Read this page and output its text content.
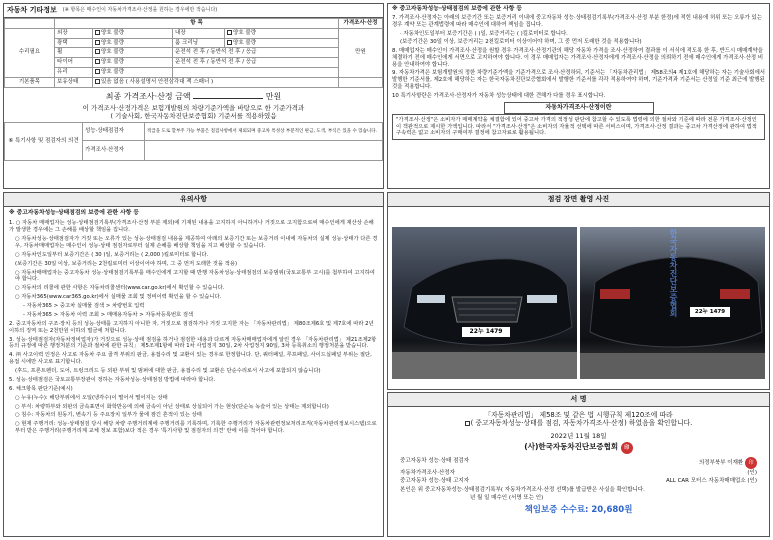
자동차 기타정보 (※ 항목은 매수인이 자동차가격조사·산정을 원하는 경우에만 적습니다)
	항 목				가격조사·산정
수리필요	외장	양호 불량	내장	양호 불량	만원
	광택	양호 불량	룸 크리닝	양호 불량	
	휠	양호 불량	운전석 전 후 / 동반석 전 후 / 응급		
	타이어	양호 불량	운전석 전 후 / 동반석 전 후 / 응급		
	유리	양호 불량			
기본품목	보유상태	있음 없음 ( 사용설명서 안전삼각대 잭 스패너 )			
최종 가격조사·산정 금액	만원
이 가격조사·산정가격은 보험개발원의 차량기준가액을 바탕으로 한 기준가격과
( 기술사회, 한국자동차진단보증협회) 기준서를 적용하였음
⑥ 특기사항 및 점검자의 의견	성능·상태점검자	적급을 도로 할부주 가능 부품은 점검사항에서 제외되며 중고차 특성상 부분적인 판금, 도색, 부식은 있을 수 있습니다.
	가격조사·산정자	
※ 중고자동차성능·상태점검의 보증에 관한 사항 등

7. 가격조사·산정자는 아래의 보증기간 또는 보증거리 이내에 중고자동차 성능·상태점검기록부(가격조사·산정 부분 한정)에 적힌 내용에 허위 또는 오류가 있는 경우 계약 또는 관계법령에 따라 매수인에 대하여 책임을 집니다.

· 자동차인도일부터 보증기간은 ( )일, 보증거리는 ( )킬로미터로 합니다.

(보증기간은 30일 이상, 보증거리는 2천킬로미터 이상이어야 하며, 그 중 먼저 도래한 것을 적용합니다)

8. 매매업자는 매수인이 가격조사·산정을 원할 경우 가격조사·산정기관의 해당 자동차 가격을 조사·산정하여 결과를 이 서식에 적도록 한 후, 반드시 매매계약을 체결하기 전에 매수인에게 서면으로 고지하여야 합니다. 이 경우 매매업자는 가격조사·산정자에게 가격조사·산정을 의뢰하기 전에 매수인에게 가격조사·산정 비용을 안내하여야 합니다.

9. 자동차가격은 보험개발원의 정한 차량기준가액을 기준가격으로 조사·산정하되, 기준서는 「자동차관리법」 제58조의4 제1호에 해당하는 자는 기술사회에서 발행한 기준서를, 제2호에 해당하는 자는 한국자동차진단보증협회에서 발행한 기준서를 각각 적용하여야 하며, 기준가격과 기준서는 산정일 기준 최근에 발행된 것을 적용합니다.

10 특기사항란은 가격조사·산정자가 자동차 성능상태에 대한 견해가 다를 경우 표시합니다.

자동차가격조사·산정이란
"가격조사·산정"은 소비자가 매매계약을 체결함에 있어 중고차 가격의 적정성 판단에 참고할 수 있도록 법령에 의한 절차와 기준에 따라 전문 가격조사·산정인이 객관적으로 제시한 가액입니다. 따라서 "가격조사·산정"은 소비자의 자율적 선택에 따른 서비스이며, 가격조사·산정 결과는 중고차 가격산정에 관하여 법적 구속력은 없고 소비자의 구매여부 결정에 참고자료로 활용됩니다.
유의사항
※ 중고자동차성능·상태점검의 보증에 관한 사항 등

1. ○ 자동차 매매업자는 성능·상태점검기록부(가격조사·산정 부분 제외)에 기재된 내용을 고지하지 아니하거나 거짓으로 고지함으로써 매수인에게 재산상 손해가 발생한 경우에는 그 손해를 배상할 책임을 집니다.

○ 자동차성능·상태점검자가 거짓 또는 오류가 있는 성능·상태점검 내용을 제공하여 아래의 보증기간 또는 보증거리 이내에 자동차의 실제 성능·상태가 다른 경우, 자동차매매업자는 매수인이 성능·상태 점검자로부터 실제 손해를 배상할 책임을 지고 배상할 수 있습니다.

○ 자동차인도일부터 보증기간은 ( 30 )일, 보증거리는 ( 2,000 )킬로미터로 합니다.

(보증기간은 30일 이상, 보증거리는 2천킬로미터 이상이어야 하며, 그 중 먼저 도래한 것을 적용)

○ 자동차매매업자는 중고자동차 성능·상태점검기록부를 매수인에게 고지할 때 반행 자동차성능·상태점검의 보증범위(국토교통부 고시)를 첨부하여 고지하여야 합니다.

○ 자동차의 리콜에 관한 사항은 자동차리콜센터(www.car.go.kr)에서 확인할 수 있습니다.

○ 자동차365(www.car365.go.kr)에서 실매물 조회 및 정비이력 확인을 할 수 있습니다.

- 자동차365 > 중고차 실매물 검색 > 차량번호 입력

- 자동차365 > 자동차 이력 조회 > 매매용자동차 > 자동차등록번호 검색

2. 중고자동차의 구조·장치 등의 성능·상태를 고지하지 아니한 자, 거짓으로 점검하거나 거짓 고지한 자는 「자동차관리법」 제80조제6호 및 제7호에 따라 2년 이하의 징역 또는 2천만원 이하의 벌금에 처합니다.

3. 성능·상태점검자(자동차정비업자)가 거짓으로 성능·상태 점검을 하거나 점검한 내용과 다르게 자동차매매업자에게 알린 경우 「자동차관리법」 제21조제2항 등의 규정에 따른 행정처분의 기준과 절차에 관한 규칙」 제5조제1항에 따라 1차 사업정지 30일, 2차 사업정지 90일, 3차 등록취소의 행정처분을 받습니다.

4. ㈜ 사고이력 인정은 사고로 자동차 주요 골격 부위의 판금, 용접수리 및 교환이 있는 경우로 한정합니다. 단, 쿼터패널, 루프패널, 사이드실패널 부위는 절단, 용접 시에만 사고로 표기합니다.

(후드, 프론트펜더, 도어, 트렁크리드 등 외판 부위 및 범퍼에 대한 판금, 용접수리 및 교환은 단순수리로서 사고에 포함되지 않습니다)

5. 성능·상태점검은 국토교통부장관이 정하는 자동차성능·상태점검 방법에 따라야 합니다.

6. 체크항목 판단기준(예시)

○ 누유(누수): 해당부위에서 오일(냉각수)이 떨어서 떨어지는 상태

○ 부식: 차량하부와 외판의 금속표면이 화학반응에 의해 금속이 아닌 상태로 상실되어 가는 현상(단순녹 녹슬어 있는 상태는 제외합니다)

○ 침수: 자동차의 원동기, 변속기 등 주요장치 일부가 물에 잠긴 흔적이 있는 상태

○ 현재 주행거리: 성능·상태점검 당시 해당 차량 주행거리계에 주행거리를 기록하며, 기록한 주행거리가 자동차관련정보처리조직(자동차관리정보시스템)으로부터 받은 주행거리(주행거리계 교체 정보 포함)보다 적은 경우 '특기사항 및 점검자의 의견' 란에 이를 적어야 합니다.

점검 장면 촬영 사진
22누 1479
22누 1479
한국자동차진단보증협회
서 명
「자동차관리법」 제58조 및 같은 법 시행규칙 제120조에 따라
( 중고자동차성능·상태를 점검, 자동차가격조사·산정) 하였음을 확인합니다.
2022년 11월 18일
(사)한국자동차진단보증협회 印
중고자동차 성능·상태 점검자	의정부북부 이재환 印
자동차가격조사·산정자	(인)
중고자동차 성능·상태 고지자	ALL CAR 모터스 자동차매매업소 (인)
본인은 위 중고자동차성능·상태점검기록부( 자동차가격조사·산정 선택)를 발급받은 사실을 확인합니다.
년 월 일 매수인 (서명 또는 인)
책임보증 수수료: 20,680원
